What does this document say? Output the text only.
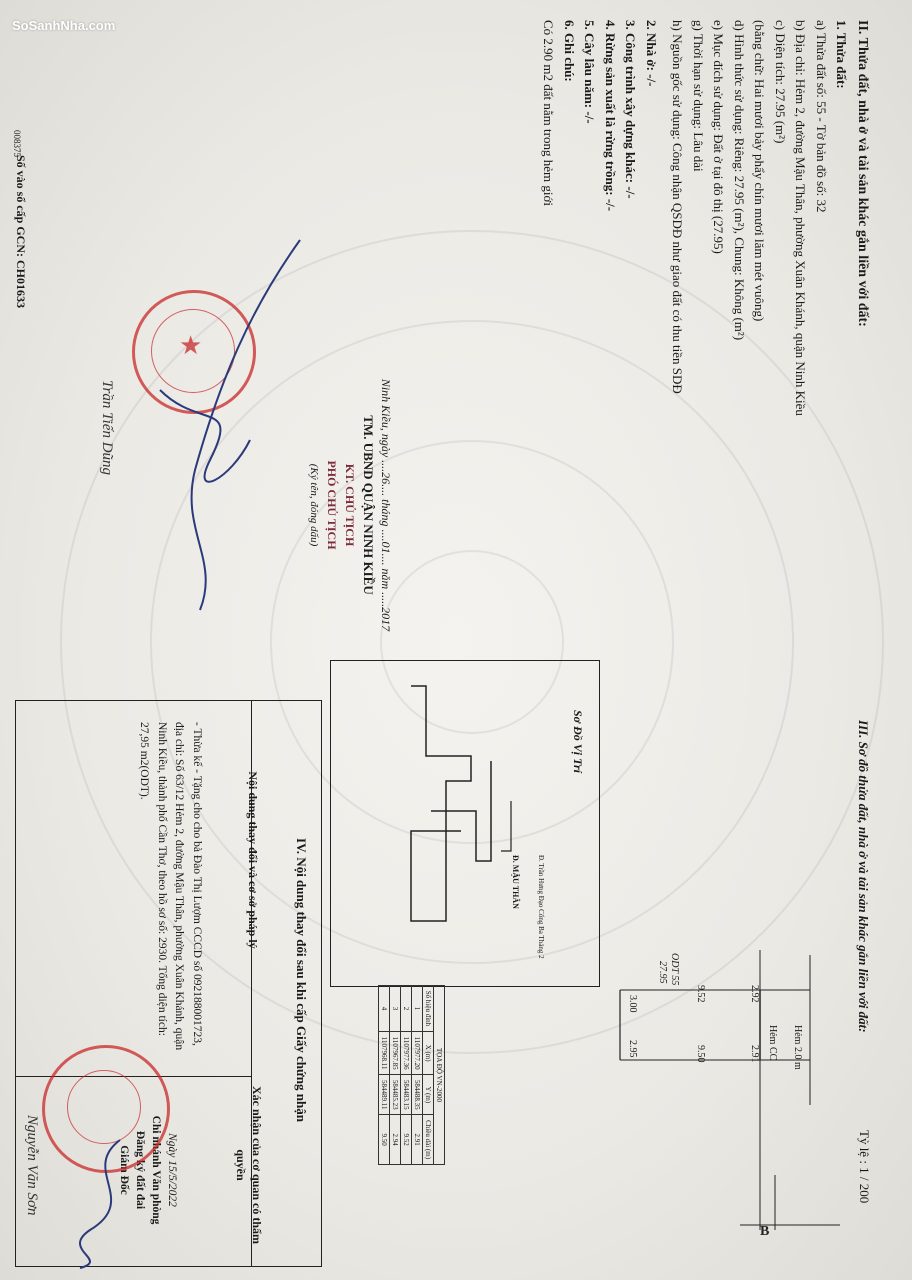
SoSanhNha.com	II. Thửa đất, nhà ở và tài sản khác gắn liền với đất:
1. Thửa đất:
a) Thửa đất số: 55 - Tờ bản đồ số: 32
b) Địa chỉ: Hẻm 2, đường Mậu Thân, phường Xuân Khánh, quận Ninh Kiều
c) Diện tích: 27.95 (m²)
(bằng chữ: Hai mươi bảy phẩy chín mươi lăm mét vuông)
d) Hình thức sử dụng: Riêng: 27.95 (m²), Chung: Không (m²)
e) Mục đích sử dụng: Đất ở tại đô thị (27.95)
g) Thời hạn sử dụng: Lâu dài
h) Nguồn gốc sử dụng: Công nhận QSDĐ như giao đất có thu tiền SDĐ
2. Nhà ở: -/-
3. Công trình xây dựng khác: -/-
4. Rừng sản xuất là rừng trồng: -/-
5. Cây lâu năm: -/-
6. Ghi chú:
Có 2.90 m2 đất nằm trong hẻm giới
Ninh Kiều, ngày ....26.... tháng ....01.... năm .....2017
TM. UBND QUẬN NINH KIỀU
KT. CHỦ TỊCH
PHÓ CHỦ TỊCH
(Ký tên, đóng dấu)
★
Trần Tiến Dũng
Số vào sổ cấp GCN: CH01633
008375
III. Sơ đồ thửa đất, nhà ở và tài sản khác gắn liền với đất:
Tỷ lệ : 1 / 200
Hẻm 2.0 m
Hẻm CC
ODT 55
27.95
9.52
9.50
2.92
2.91
3.00
2.95
B
Sơ Đồ Vị Trí
Đ. MẬU THÂN Đ. Trần Hưng Đạo Cổng Ba Tháng 2
TỌA ĐỘ VN-2000			
Số hiệu đỉnh	X (m)	Y (m)	Chiều dài (m)
1	1107977.20	584488.35	2.91
2	1107977.36	584483.15	9.52
3	1107967.85	584485.23	2.94
4	1107968.11	584489.11	9.50
IV. Nội dung thay đổi sau khi cấp Giấy chứng nhận
Nội dung thay đổi và cơ sở pháp lý
Xác nhận của cơ quan có thẩm quyền
- Thừa kế - Tặng cho cho bà Đào Thị Lượm CCCD số 092188001723, địa chỉ: Số 63/12 Hẻm 2, đường Mậu Thân, phường Xuân Khánh, quận Ninh Kiều, thành phố Cần Thơ, theo hồ sơ số: 2930. Tổng diện tích: 27,95 m2(ODT).
Ngày 15/5/2022
Chi nhánh Văn phòng
Đăng ký đất đai
Giám Đốc
Nguyễn Văn Sơn
